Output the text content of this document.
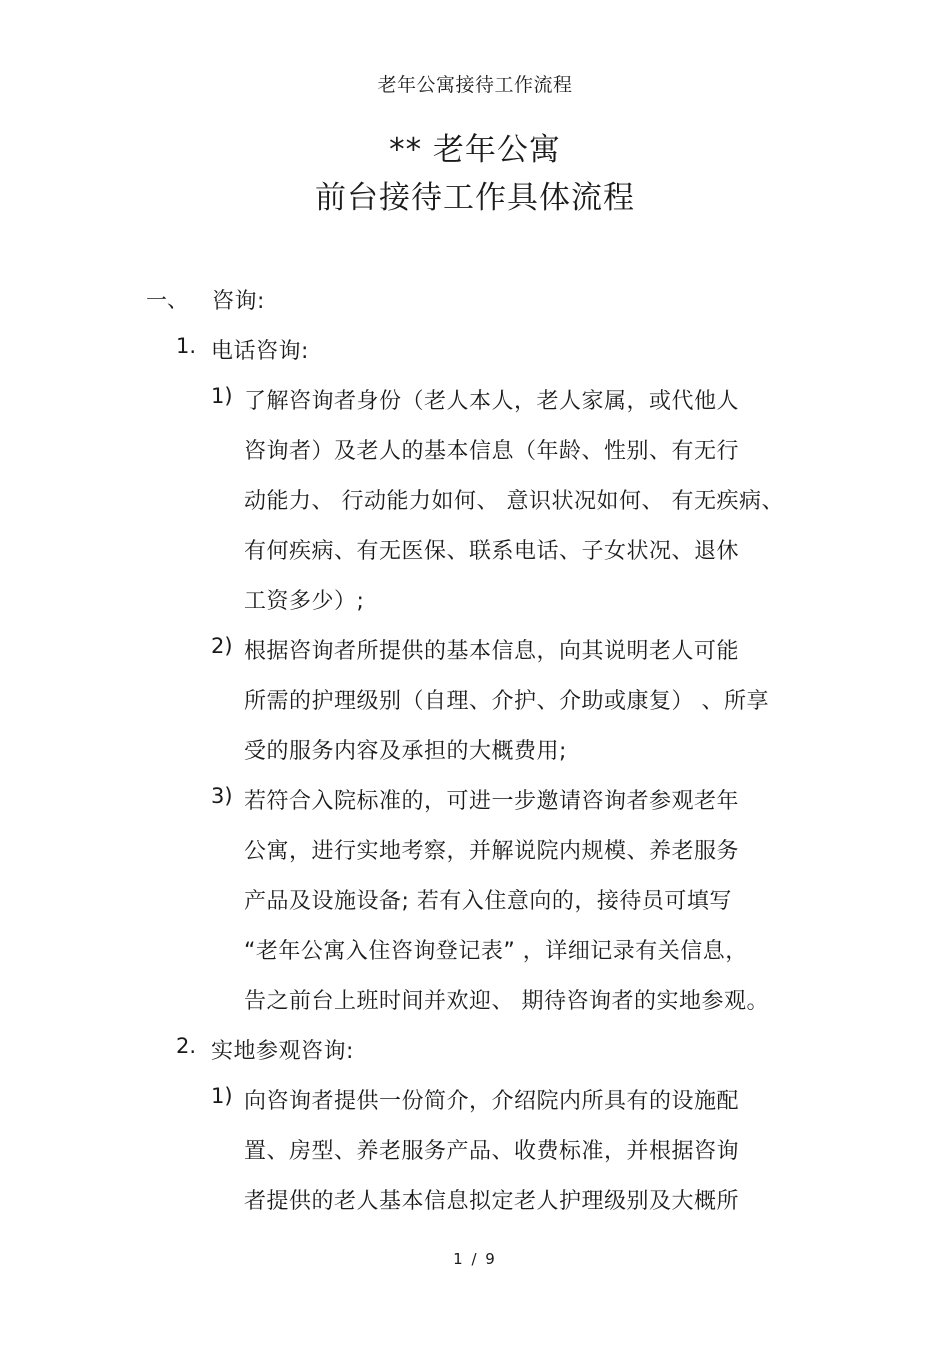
老年公寓接待工作流程
** 老年公寓
前台接待工作具体流程
一、 咨询:
1. 电话咨询:
1) 了解咨询者身份（老人本人，老人家属，或代他人
咨询者）及老人的基本信息（年龄、性别、有无行
动能力、 行动能力如何、 意识状况如何、 有无疾病、
有何疾病、有无医保、联系电话、子女状况、退休
工资多少）;
2) 根据咨询者所提供的基本信息，向其说明老人可能
所需的护理级别（自理、介护、介助或康复） 、所享
受的服务内容及承担的大概费用;
3) 若符合入院标准的，可进一步邀请咨询者参观老年
公寓，进行实地考察，并解说院内规模、养老服务
产品及设施设备; 若有入住意向的，接待员可填写
“老年公寓入住咨询登记表” ，详细记录有关信息，
告之前台上班时间并欢迎、 期待咨询者的实地参观。
2. 实地参观咨询:
1) 向咨询者提供一份简介，介绍院内所具有的设施配
置、房型、养老服务产品、收费标准，并根据咨询
者提供的老人基本信息拟定老人护理级别及大概所
1 / 9
